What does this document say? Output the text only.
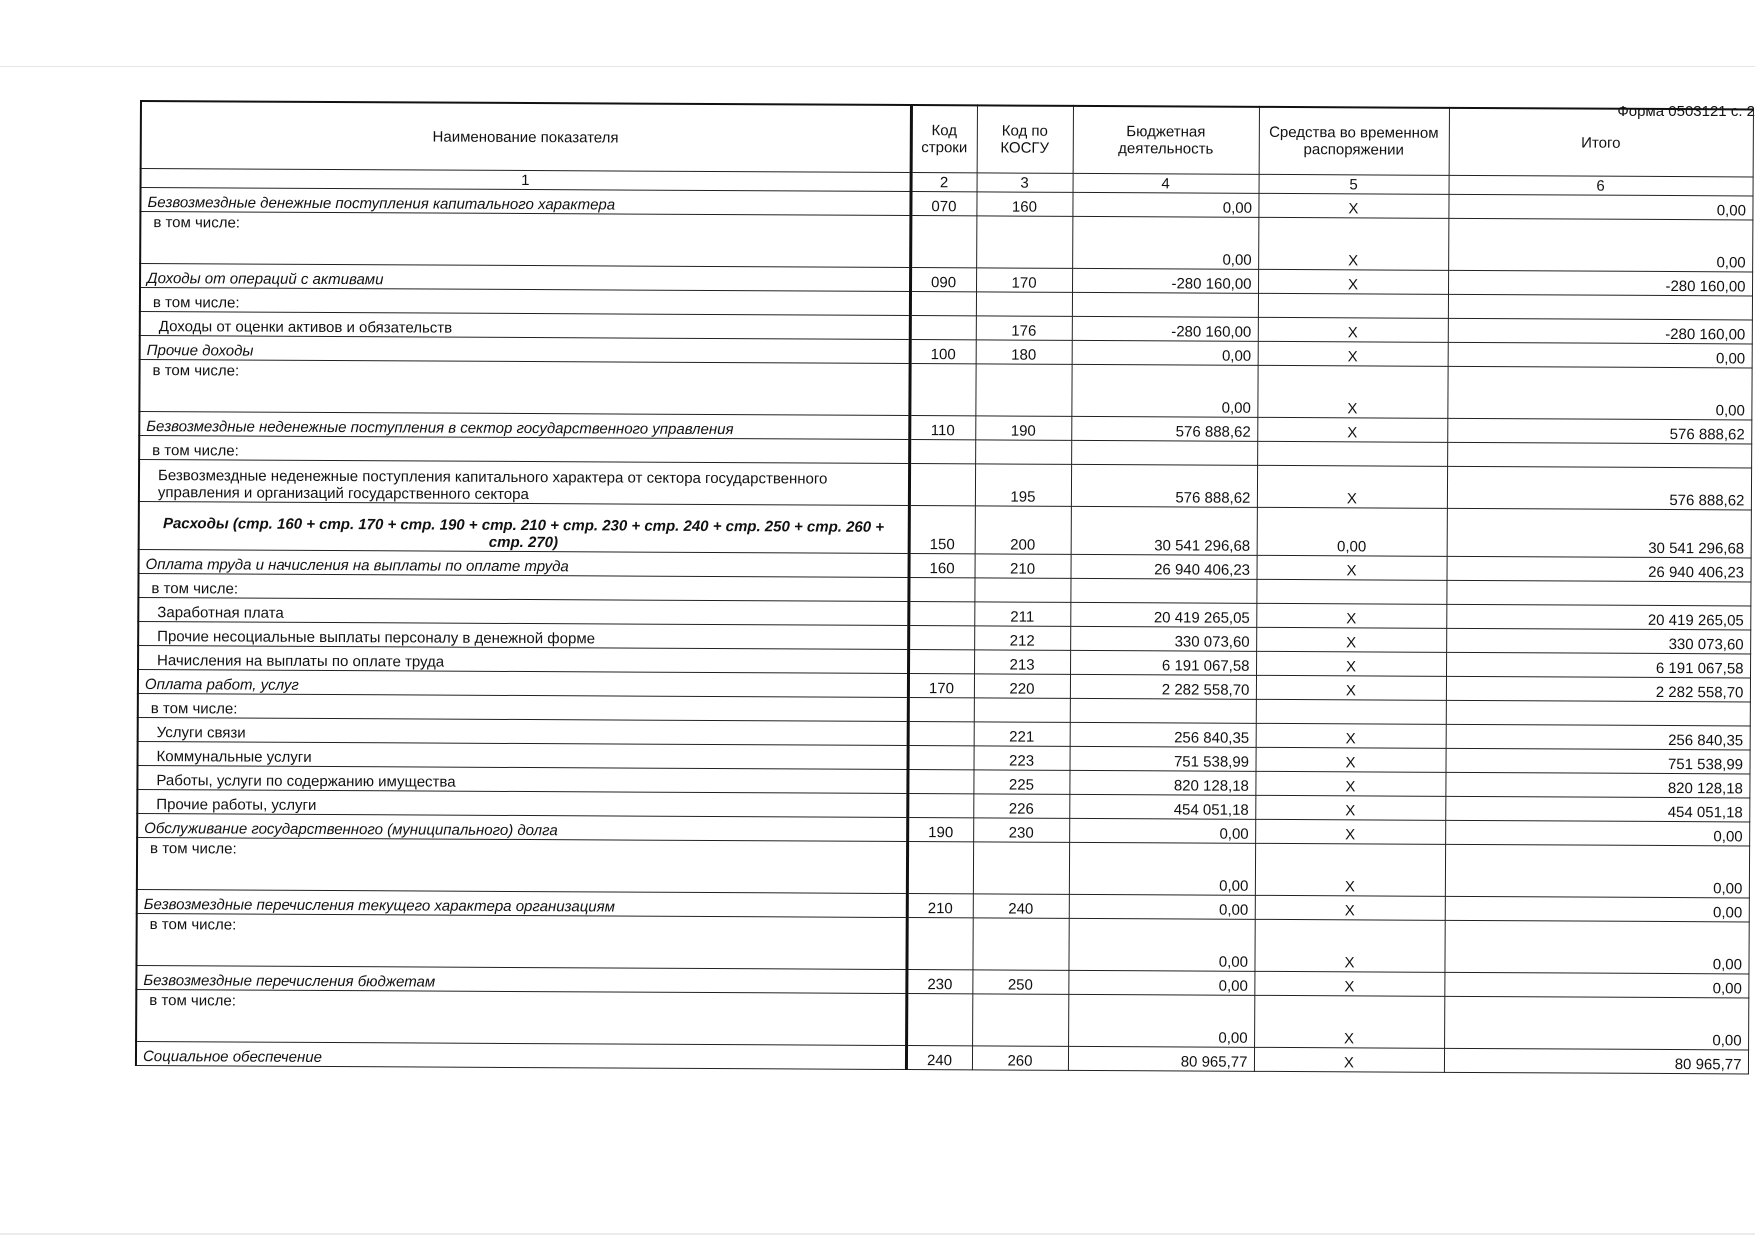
Форма 0503121 с. 2
Наименование показателя	Код строки	Код по КОСГУ	Бюджетная деятельность	Средства во временном распоряжении	Итого
1	2	3	4	5	6
Безвозмездные денежные поступления капитального характера	070	160	0,00	X	0,00
в том числе:			0,00	X	0,00
Доходы от операций с активами	090	170	-280 160,00	X	-280 160,00
в том числе:					
Доходы от оценки активов и обязательств		176	-280 160,00	X	-280 160,00
Прочие доходы	100	180	0,00	X	0,00
в том числе:			0,00	X	0,00
Безвозмездные неденежные поступления в сектор государственного управления	110	190	576 888,62	X	576 888,62
в том числе:					
Безвозмездные неденежные поступления капитального характера от сектора государственного управления и организаций государственного сектора		195	576 888,62	X	576 888,62
Расходы (стр. 160 + стр. 170 + стр. 190 + стр. 210 + стр. 230 + стр. 240 + стр. 250 + стр. 260 + стр. 270)	150	200	30 541 296,68	0,00	30 541 296,68
Оплата труда и начисления на выплаты по оплате труда	160	210	26 940 406,23	X	26 940 406,23
в том числе:					
Заработная плата		211	20 419 265,05	X	20 419 265,05
Прочие несоциальные выплаты персоналу в денежной форме		212	330 073,60	X	330 073,60
Начисления на выплаты по оплате труда		213	6 191 067,58	X	6 191 067,58
Оплата работ, услуг	170	220	2 282 558,70	X	2 282 558,70
в том числе:					
Услуги связи		221	256 840,35	X	256 840,35
Коммунальные услуги		223	751 538,99	X	751 538,99
Работы, услуги по содержанию имущества		225	820 128,18	X	820 128,18
Прочие работы, услуги		226	454 051,18	X	454 051,18
Обслуживание государственного (муниципального) долга	190	230	0,00	X	0,00
в том числе:			0,00	X	0,00
Безвозмездные перечисления текущего характера организациям	210	240	0,00	X	0,00
в том числе:			0,00	X	0,00
Безвозмездные перечисления бюджетам	230	250	0,00	X	0,00
в том числе:			0,00	X	0,00
Социальное обеспечение	240	260	80 965,77	X	80 965,77
